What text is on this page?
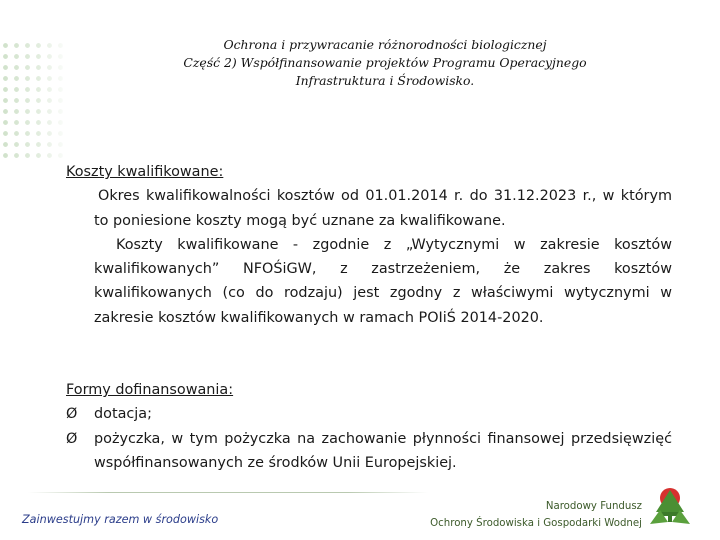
Ochrona i przywracanie różnorodności biologicznej
Część 2) Współfinansowanie projektów Programu Operacyjnego
Infrastruktura i Środowisko.

Koszty kwalifikowane:

Okres kwalifikowalności kosztów od 01.01.2014 r. do 31.12.2023 r., w którym to poniesione koszty mogą być uznane za kwalifikowane.

Koszty kwalifikowane - zgodnie z „Wytycznymi w zakresie kosztów kwalifikowanych” NFOŚiGW, z zastrzeżeniem, że zakres kosztów kwalifikowanych (co do rodzaju) jest zgodny z właściwymi wytycznymi w zakresie kosztów kwalifikowanych w ramach POIiŚ 2014-2020.

Formy dofinansowania:

Ø	dotacja;
Ø	pożyczka, w tym pożyczka na zachowanie płynności finansowej przedsięwzięć współfinansowanych ze środków Unii Europejskiej.
Zainwestujmy razem w środowisko
Narodowy Fundusz
Ochrony Środowiska i Gospodarki Wodnej
